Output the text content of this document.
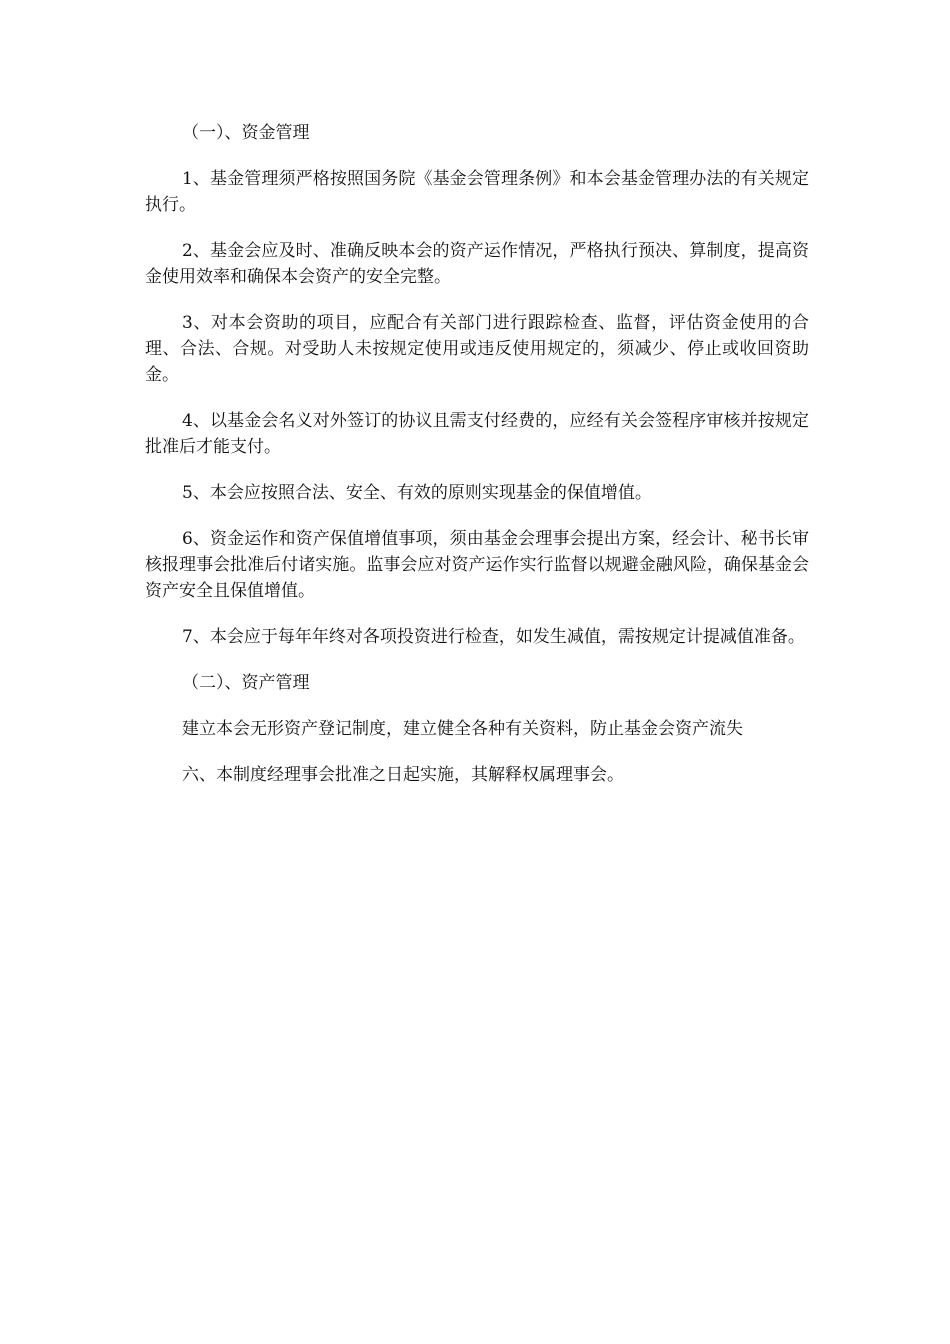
（一）、资金管理

1、基金管理须严格按照国务院《基金会管理条例》和本会基金管理办法的有关规定执行。

2、基金会应及时、准确反映本会的资产运作情况，严格执行预决、算制度，提高资金使用效率和确保本会资产的安全完整。

3、对本会资助的项目，应配合有关部门进行跟踪检查、监督，评估资金使用的合理、合法、合规。对受助人未按规定使用或违反使用规定的，须减少、停止或收回资助金。

4、以基金会名义对外签订的协议且需支付经费的，应经有关会签程序审核并按规定批准后才能支付。

5、本会应按照合法、安全、有效的原则实现基金的保值增值。

6、资金运作和资产保值增值事项，须由基金会理事会提出方案，经会计、秘书长审核报理事会批准后付诸实施。监事会应对资产运作实行监督以规避金融风险，确保基金会资产安全且保值增值。

7、本会应于每年年终对各项投资进行检查，如发生减值，需按规定计提减值准备。

（二）、资产管理

建立本会无形资产登记制度，建立健全各种有关资料，防止基金会资产流失

六、本制度经理事会批准之日起实施，其解释权属理事会。
